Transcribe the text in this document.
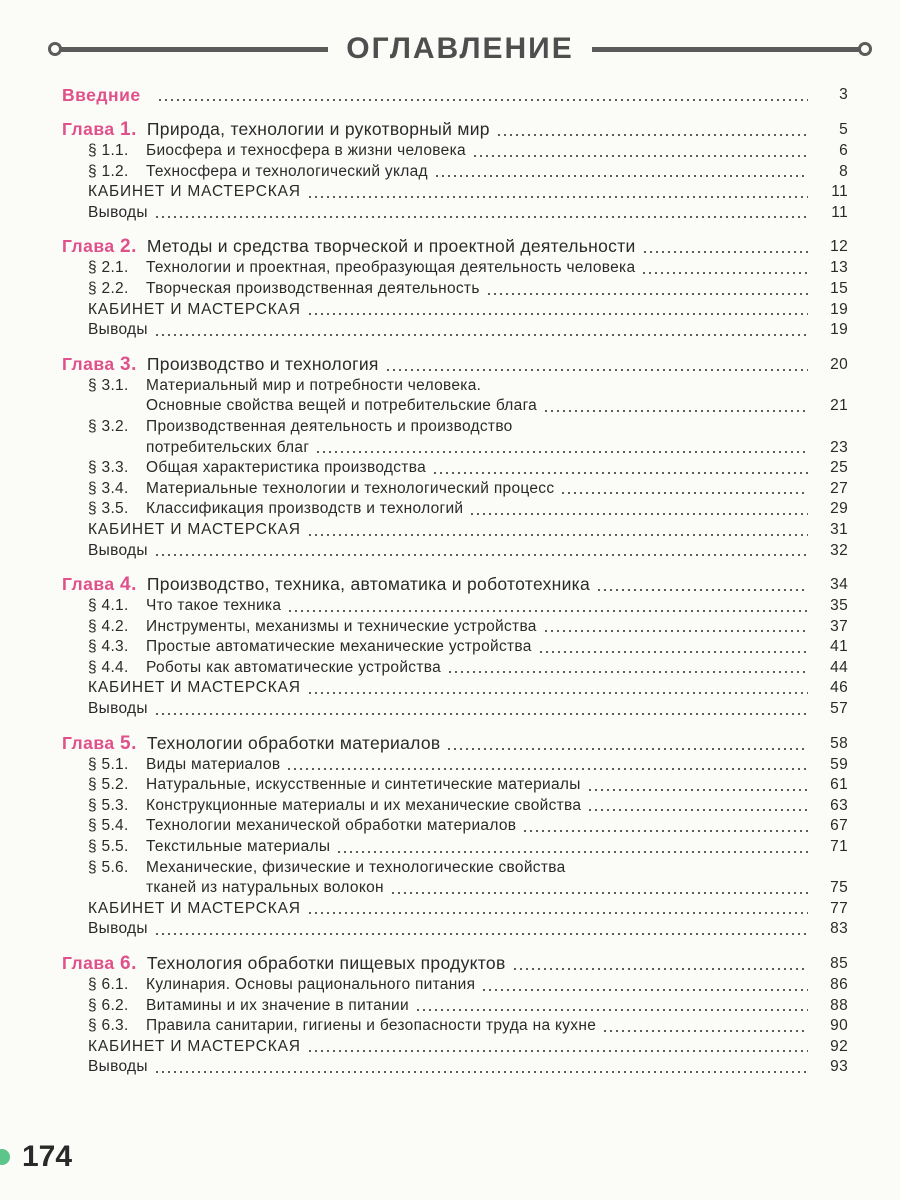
ОГЛАВЛЕНИЕ
Введние	3
Глава 1. Природа, технологии и рукотворный мир	5
§ 1.1. Биосфера и техносфера в жизни человека	6
§ 1.2. Техносфера и технологический уклад	8
КАБИНЕТ И МАСТЕРСКАЯ	11
Выводы	11
Глава 2. Методы и средства творческой и проектной деятельности	12
§ 2.1. Технологии и проектная, преобразующая деятельность человека	13
§ 2.2. Творческая производственная деятельность	15
КАБИНЕТ И МАСТЕРСКАЯ	19
Выводы	19
Глава 3. Производство и технология	20
§ 3.1. Материальный мир и потребности человека.
Основные свойства вещей и потребительские блага	21
§ 3.2. Производственная деятельность и производство
потребительских благ	23
§ 3.3. Общая характеристика производства	25
§ 3.4. Материальные технологии и технологический процесс	27
§ 3.5. Классификация производств и технологий	29
КАБИНЕТ И МАСТЕРСКАЯ	31
Выводы	32
Глава 4. Производство, техника, автоматика и робототехника	34
§ 4.1. Что такое техника	35
§ 4.2. Инструменты, механизмы и технические устройства	37
§ 4.3. Простые автоматические механические устройства	41
§ 4.4. Роботы как автоматические устройства	44
КАБИНЕТ И МАСТЕРСКАЯ	46
Выводы	57
Глава 5. Технологии обработки материалов	58
§ 5.1. Виды материалов	59
§ 5.2. Натуральные, искусственные и синтетические материалы	61
§ 5.3. Конструкционные материалы и их механические свойства	63
§ 5.4. Технологии механической обработки материалов	67
§ 5.5. Текстильные материалы	71
§ 5.6. Механические, физические и технологические свойства
тканей из натуральных волокон	75
КАБИНЕТ И МАСТЕРСКАЯ	77
Выводы	83
Глава 6. Технология обработки пищевых продуктов	85
§ 6.1. Кулинария. Основы рационального питания	86
§ 6.2. Витамины и их значение в питании	88
§ 6.3. Правила санитарии, гигиены и безопасности труда на кухне	90
КАБИНЕТ И МАСТЕРСКАЯ	92
Выводы	93
174
